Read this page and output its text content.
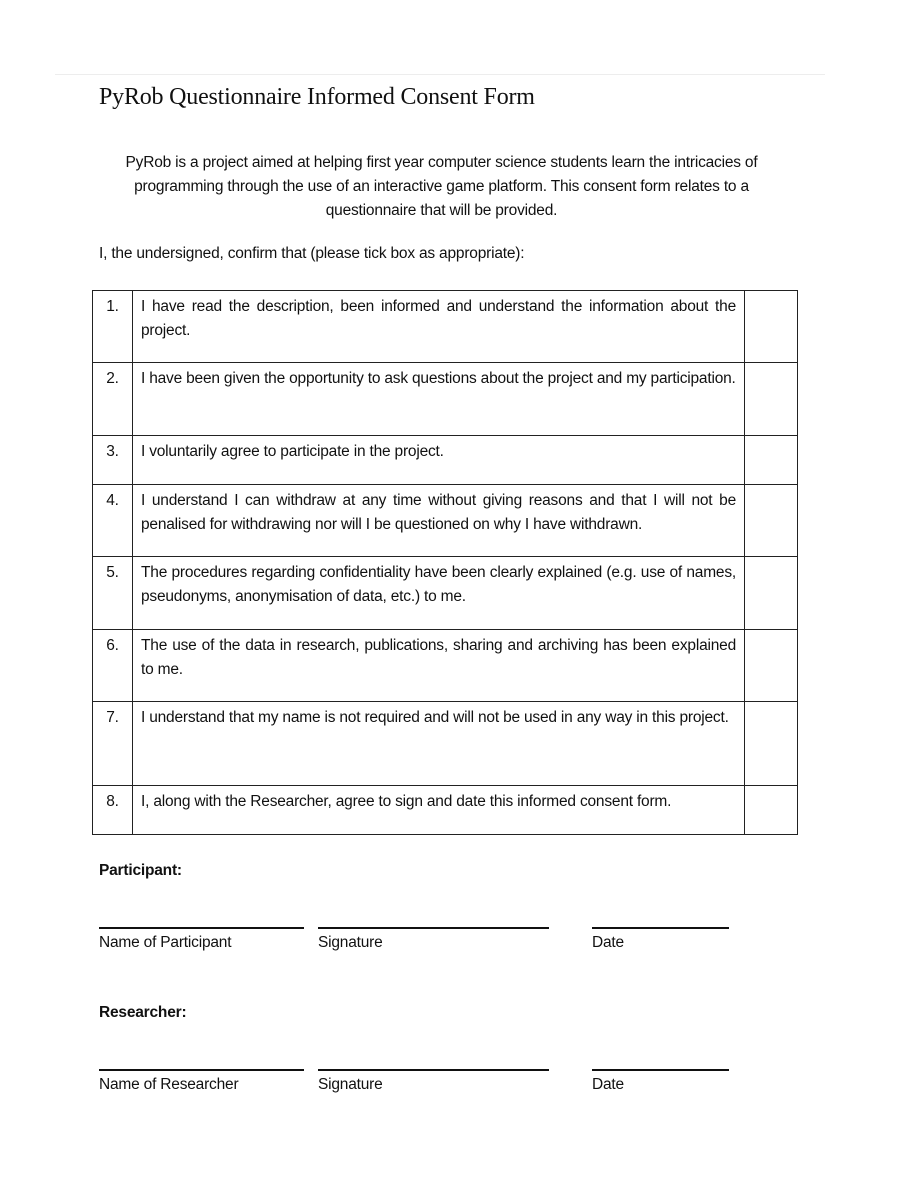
PyRob Questionnaire Informed Consent Form

PyRob is a project aimed at helping first year computer science students learn the intricacies of programming through the use of an interactive game platform. This consent form relates to a questionnaire that will be provided.

I, the undersigned, confirm that (please tick box as appropriate):

1.	I have read the description, been informed and understand the information about the project.	
2.	I have been given the opportunity to ask questions about the project and my participation.	
3.	I voluntarily agree to participate in the project.	
4.	I understand I can withdraw at any time without giving reasons and that I will not be penalised for withdrawing nor will I be questioned on why I have withdrawn.	
5.	The procedures regarding confidentiality have been clearly explained (e.g. use of names, pseudonyms, anonymisation of data, etc.) to me.	
6.	The use of the data in research, publications, sharing and archiving has been explained to me.	
7.	I understand that my name is not required and will not be used in any way in this project.	
8.	I, along with the Researcher, agree to sign and date this informed consent form.	

Participant:

Name of Participant	Signature	Date

Researcher:

Name of Researcher	Signature	Date
